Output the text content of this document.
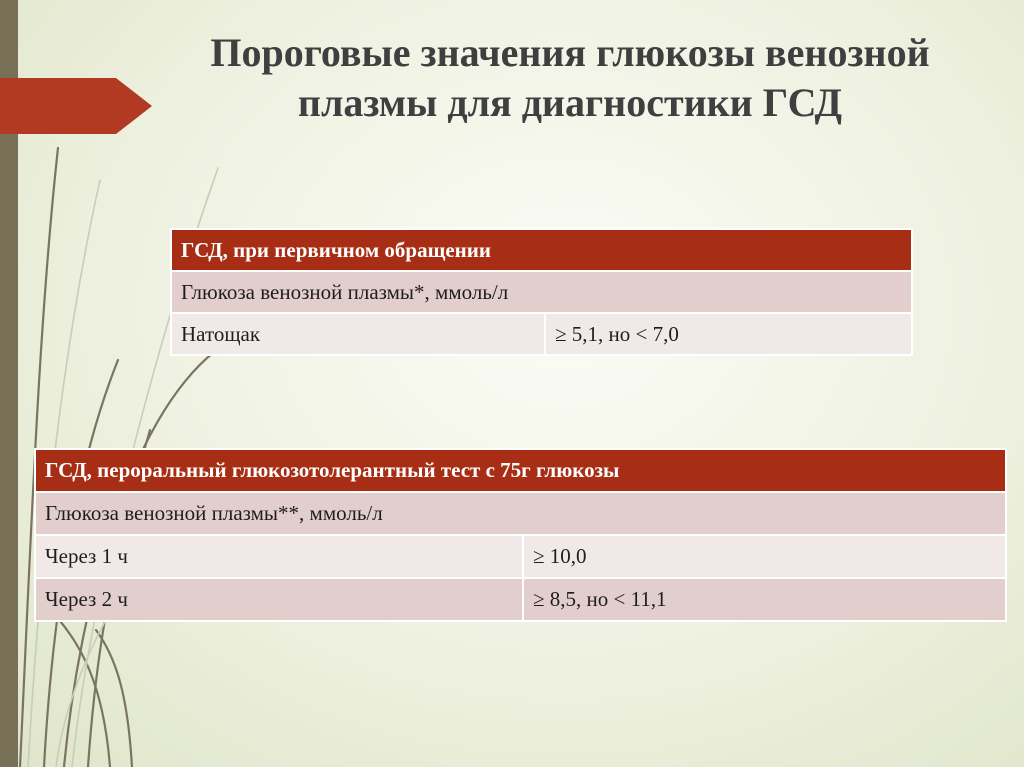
Пороговые значения глюкозы венозной плазмы для диагностики ГСД
ГСД, при первичном обращении
Глюкоза венозной плазмы*, ммоль/л
Натощак	≥ 5,1, но < 7,0
ГСД, пероральный глюкозотолерантный тест с 75г глюкозы	
Глюкоза венозной плазмы**, ммоль/л	
Через 1 ч	≥ 10,0
Через 2 ч	≥ 8,5, но < 11,1
